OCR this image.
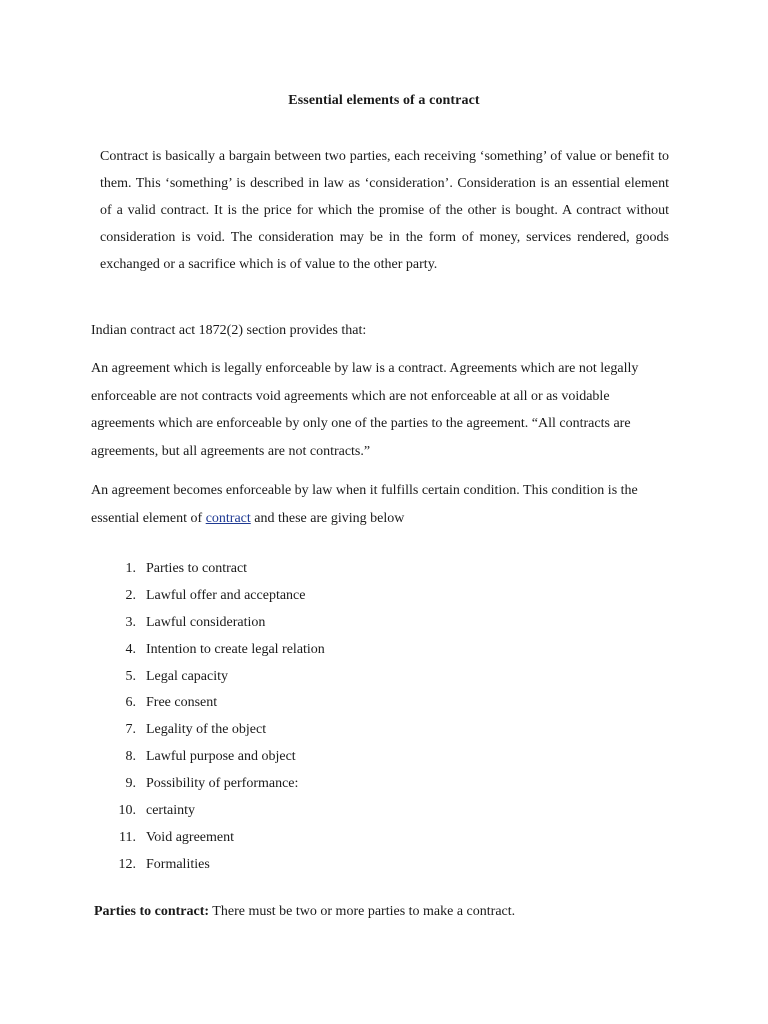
Essential elements of a contract
Contract is basically a bargain between two parties, each receiving ‘something’ of value or benefit to them. This ‘something’ is described in law as ‘consideration’. Consideration is an essential element of a valid contract. It is the price for which the promise of the other is bought. A contract without consideration is void. The consideration may be in the form of money, services rendered, goods exchanged or a sacrifice which is of value to the other party.
Indian contract act 1872(2) section provides that:
An agreement which is legally enforceable by law is a contract. Agreements which are not legally enforceable are not contracts void agreements which are not enforceable at all or as voidable agreements which are enforceable by only one of the parties to the agreement. “All contracts are agreements, but all agreements are not contracts.”
An agreement becomes enforceable by law when it fulfills certain condition. This condition is the essential element of contract and these are giving below
1. Parties to contract
2. Lawful offer and acceptance
3. Lawful consideration
4. Intention to create legal relation
5. Legal capacity
6. Free consent
7. Legality of the object
8. Lawful purpose and object
9. Possibility of performance:
10. certainty
11. Void agreement
12. Formalities
Parties to contract: There must be two or more parties to make a contract.
